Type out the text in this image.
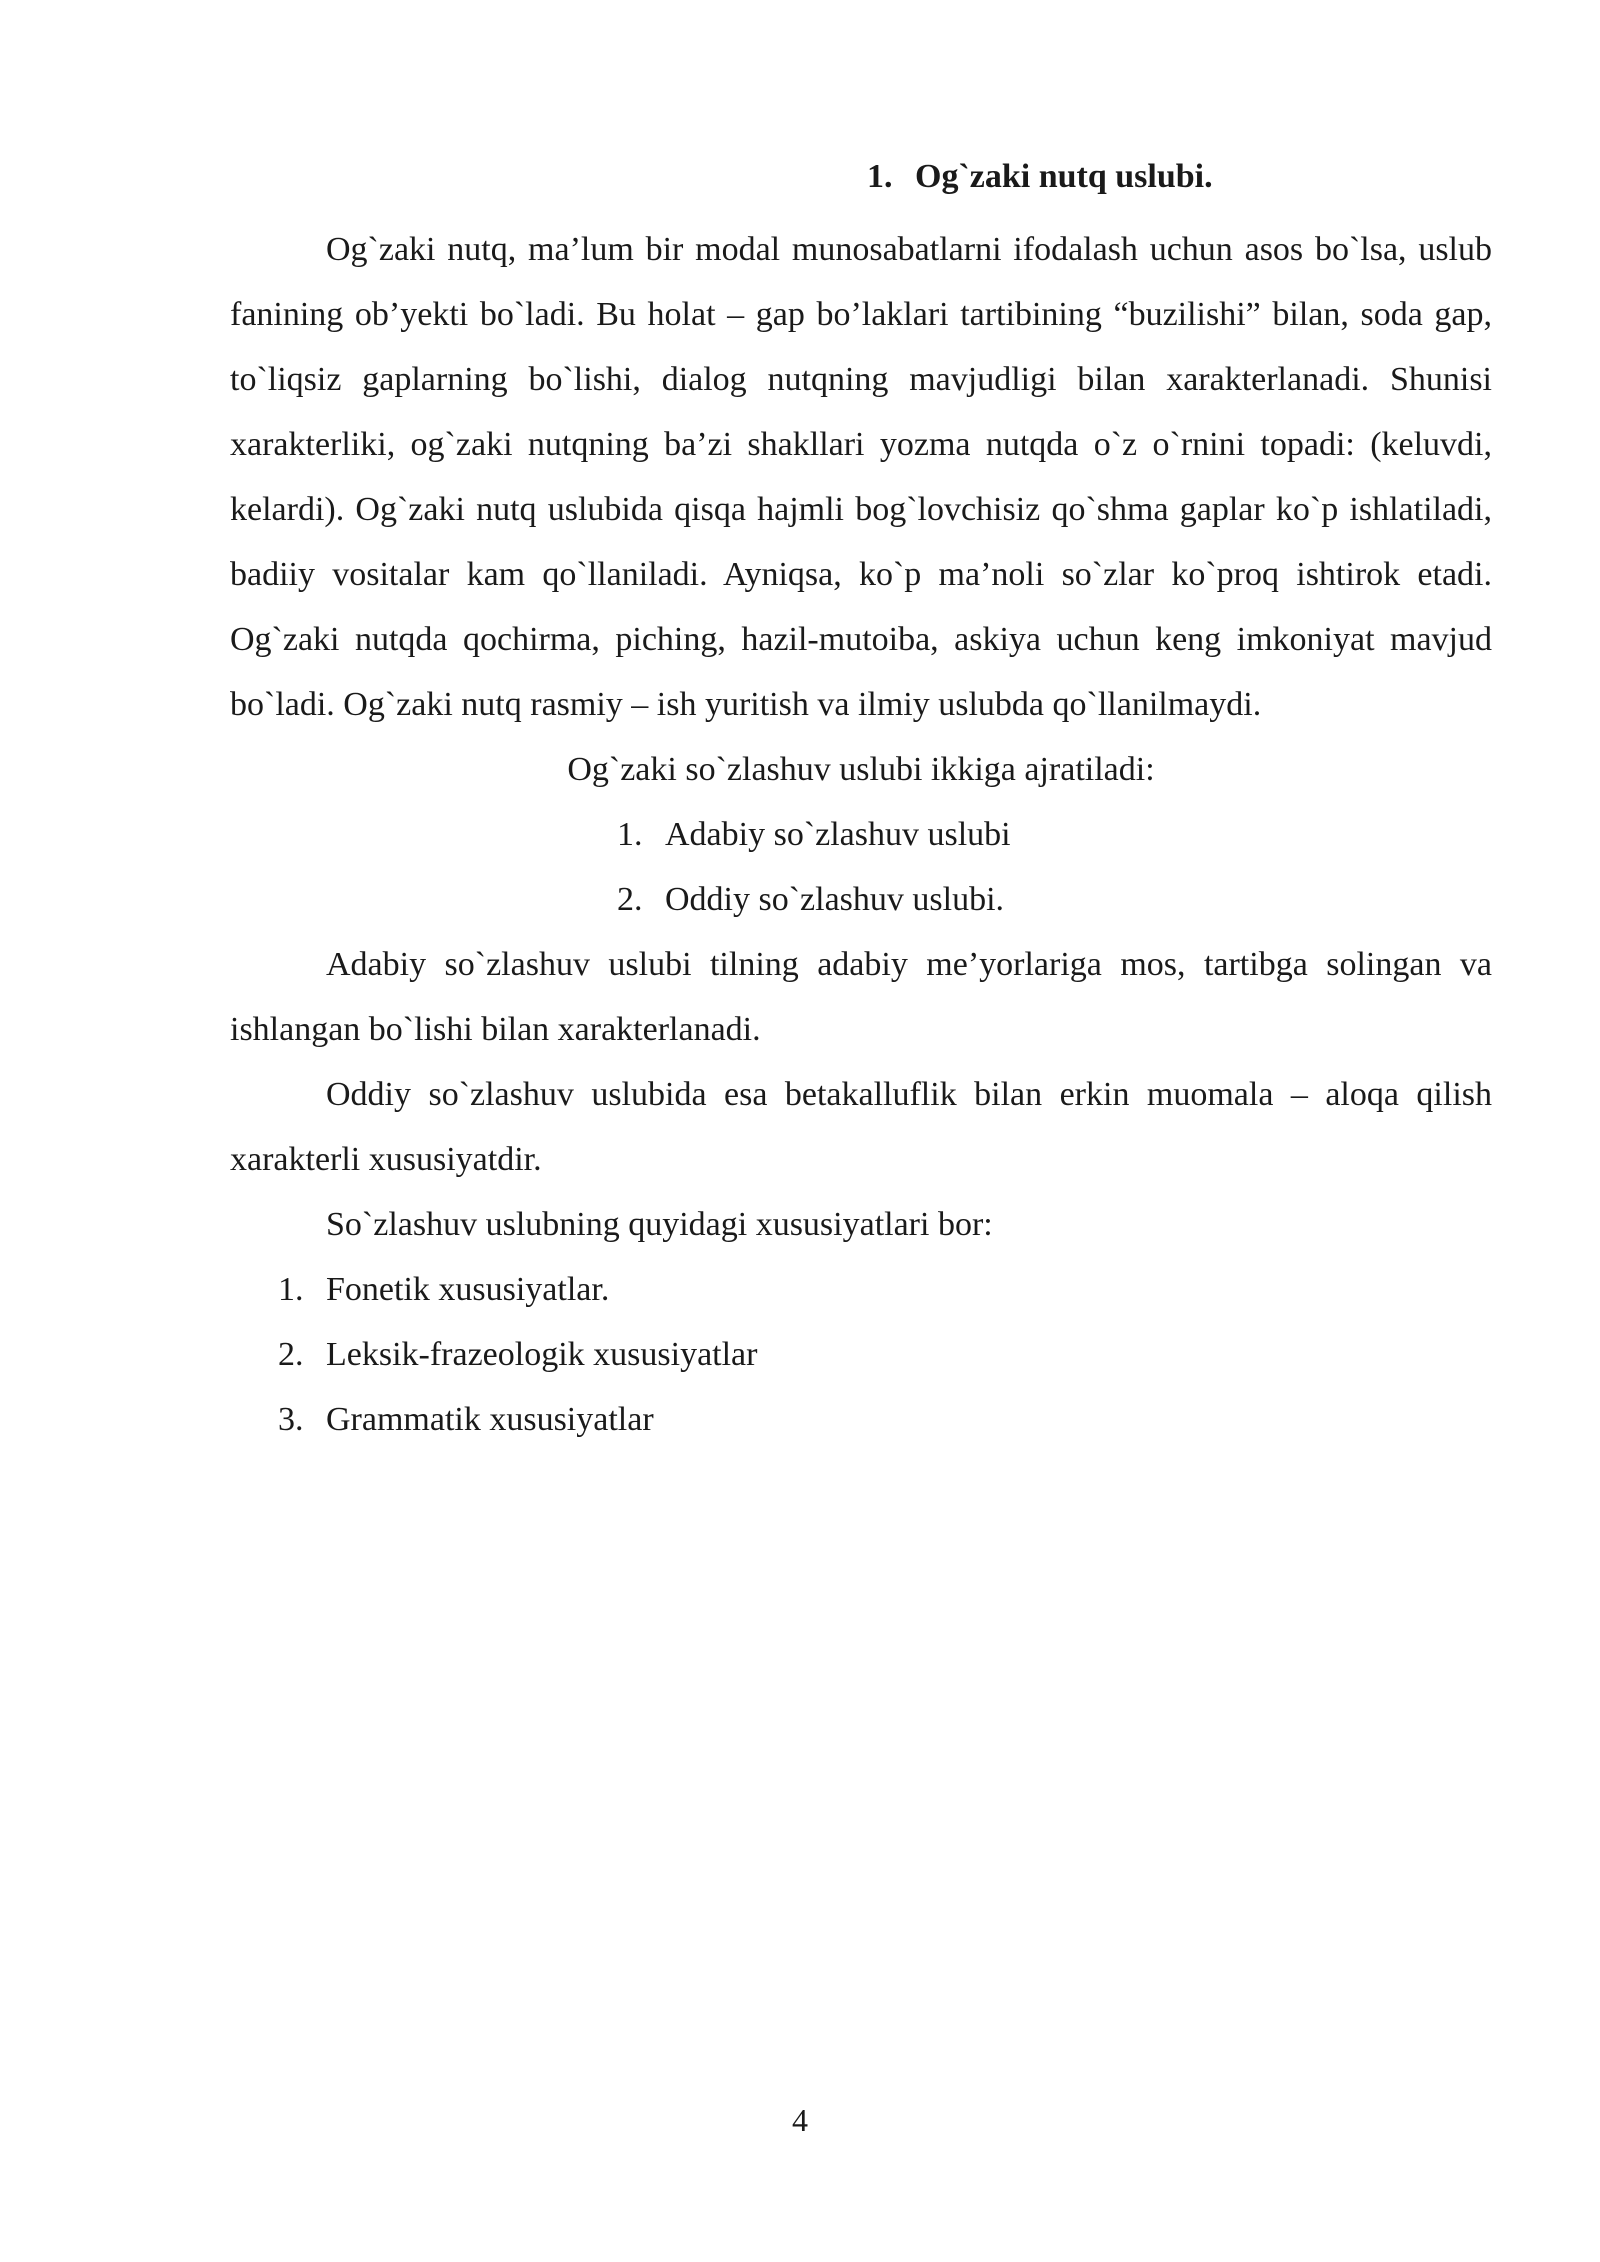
1. Og`zaki nutq uslubi.

Og`zaki nutq, ma’lum bir modal munosabatlarni ifodalash uchun asos bo`lsa, uslub fanining ob’yekti bo`ladi. Bu holat – gap bo’laklari tartibining “buzilishi” bilan, soda gap, to`liqsiz gaplarning bo`lishi, dialog nutqning mavjudligi bilan xarakterlanadi. Shunisi xarakterliki, og`zaki nutqning ba’zi shakllari yozma nutqda o`z o`rnini topadi: (keluvdi, kelardi). Og`zaki nutq uslubida qisqa hajmli bog`lovchisiz qo`shma gaplar ko`p ishlatiladi, badiiy vositalar kam qo`llaniladi. Ayniqsa, ko`p ma’noli so`zlar ko`proq ishtirok etadi. Og`zaki nutqda qochirma, piching, hazil-mutoiba, askiya uchun keng imkoniyat mavjud bo`ladi. Og`zaki nutq rasmiy – ish yuritish va ilmiy uslubda qo`llanilmaydi.

Og`zaki so`zlashuv uslubi ikkiga ajratiladi:

1. Adabiy so`zlashuv uslubi
2. Oddiy so`zlashuv uslubi.

Adabiy so`zlashuv uslubi tilning adabiy me’yorlariga mos, tartibga solingan va ishlangan bo`lishi bilan xarakterlanadi.

Oddiy so`zlashuv uslubida esa betakalluflik bilan erkin muomala – aloqa qilish xarakterli xususiyatdir.

So`zlashuv uslubning quyidagi xususiyatlari bor:

1. Fonetik xususiyatlar.
2. Leksik-frazeologik xususiyatlar
3. Grammatik xususiyatlar
4
